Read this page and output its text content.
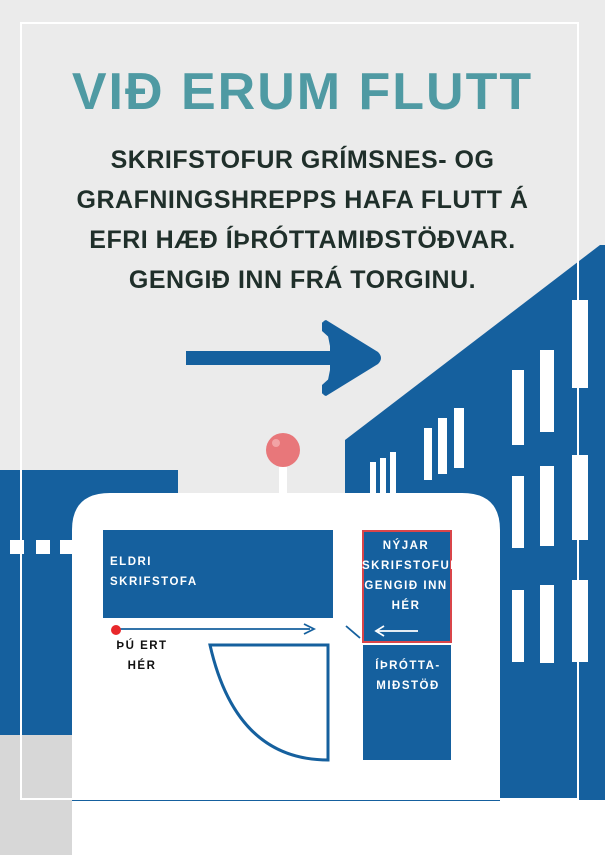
VIÐ ERUM FLUTT
SKRIFSTOFUR GRÍMSNES- OG
GRAFNINGSHREPPS HAFA FLUTT Á
EFRI HÆÐ ÍÞRÓTTAMIÐSTÖÐVAR.
GENGIÐ INN FRÁ TORGINU.
ELDRI
SKRIFSTOFA
NÝJAR
SKRIFSTOFUR
GENGIÐ INN
HÉR
ÞÚ ERT
HÉR	ÍÞRÓTTA-
MIÐSTÖÐ
